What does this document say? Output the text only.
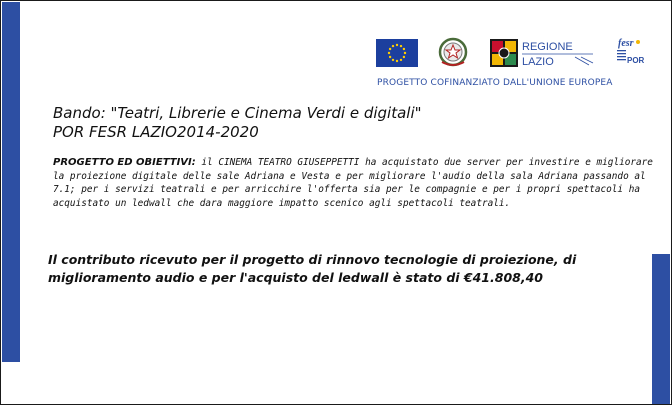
REGIONE
LAZIO
fesr
POR
PROGETTO COFINANZIATO DALL'UNIONE EUROPEA
Bando: "Teatri, Librerie e Cinema Verdi e digitali"
POR FESR LAZIO2014-2020
PROGETTO ED OBIETTIVI: il CINEMA TEATRO GIUSEPPETTI ha acquistato due server per investire e migliorare la proiezione digitale delle sale Adriana e Vesta e per migliorare l'audio della sala Adriana passando al 7.1; per i servizi teatrali e per arricchire l'offerta sia per le compagnie e per i propri spettacoli ha acquistato un ledwall che dara maggiore impatto scenico agli spettacoli teatrali.
Il contributo ricevuto per il progetto di rinnovo tecnologie di proiezione, di miglioramento audio e per l'acquisto del ledwall è stato di €41.808,40
